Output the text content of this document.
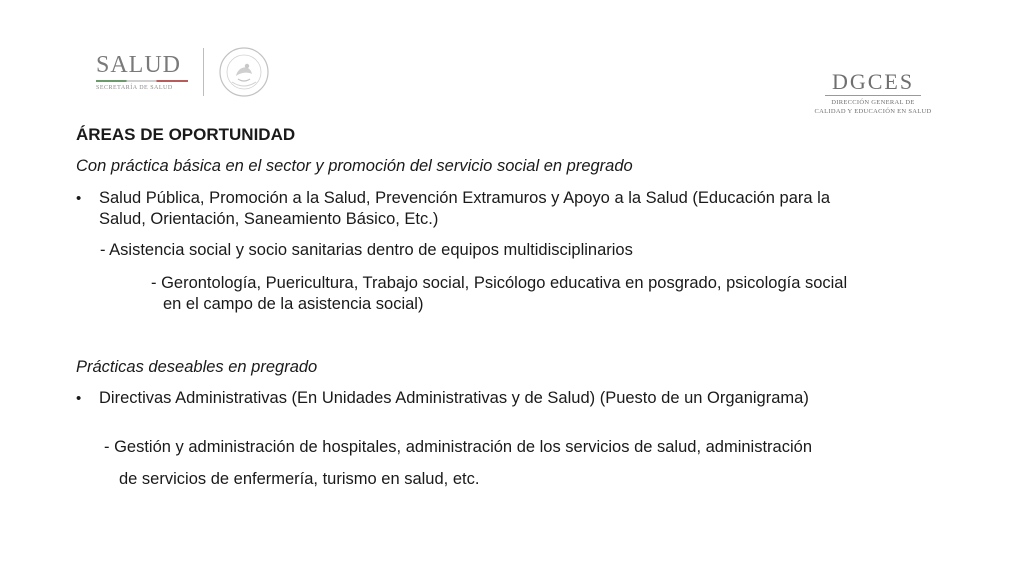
SALUD
SECRETARÍA DE SALUD	DGCES
DIRECCIÓN GENERAL DE
CALIDAD Y EDUCACIÓN EN SALUD
ÁREAS DE OPORTUNIDAD
Con práctica básica en el sector y promoción del servicio social en pregrado
• Salud Pública, Promoción a la Salud, Prevención Extramuros y Apoyo a la Salud (Educación para la
Salud, Orientación, Saneamiento Básico, Etc.)
- Asistencia social y socio sanitarias dentro de equipos multidisciplinarios
- Gerontología, Puericultura, Trabajo social, Psicólogo educativa en posgrado, psicología social
en el campo de la asistencia social)
Prácticas deseables en pregrado
• Directivas Administrativas (En Unidades Administrativas y de Salud) (Puesto de un Organigrama)
- Gestión y administración de hospitales, administración de los servicios de salud, administración
de servicios de enfermería, turismo en salud, etc.
